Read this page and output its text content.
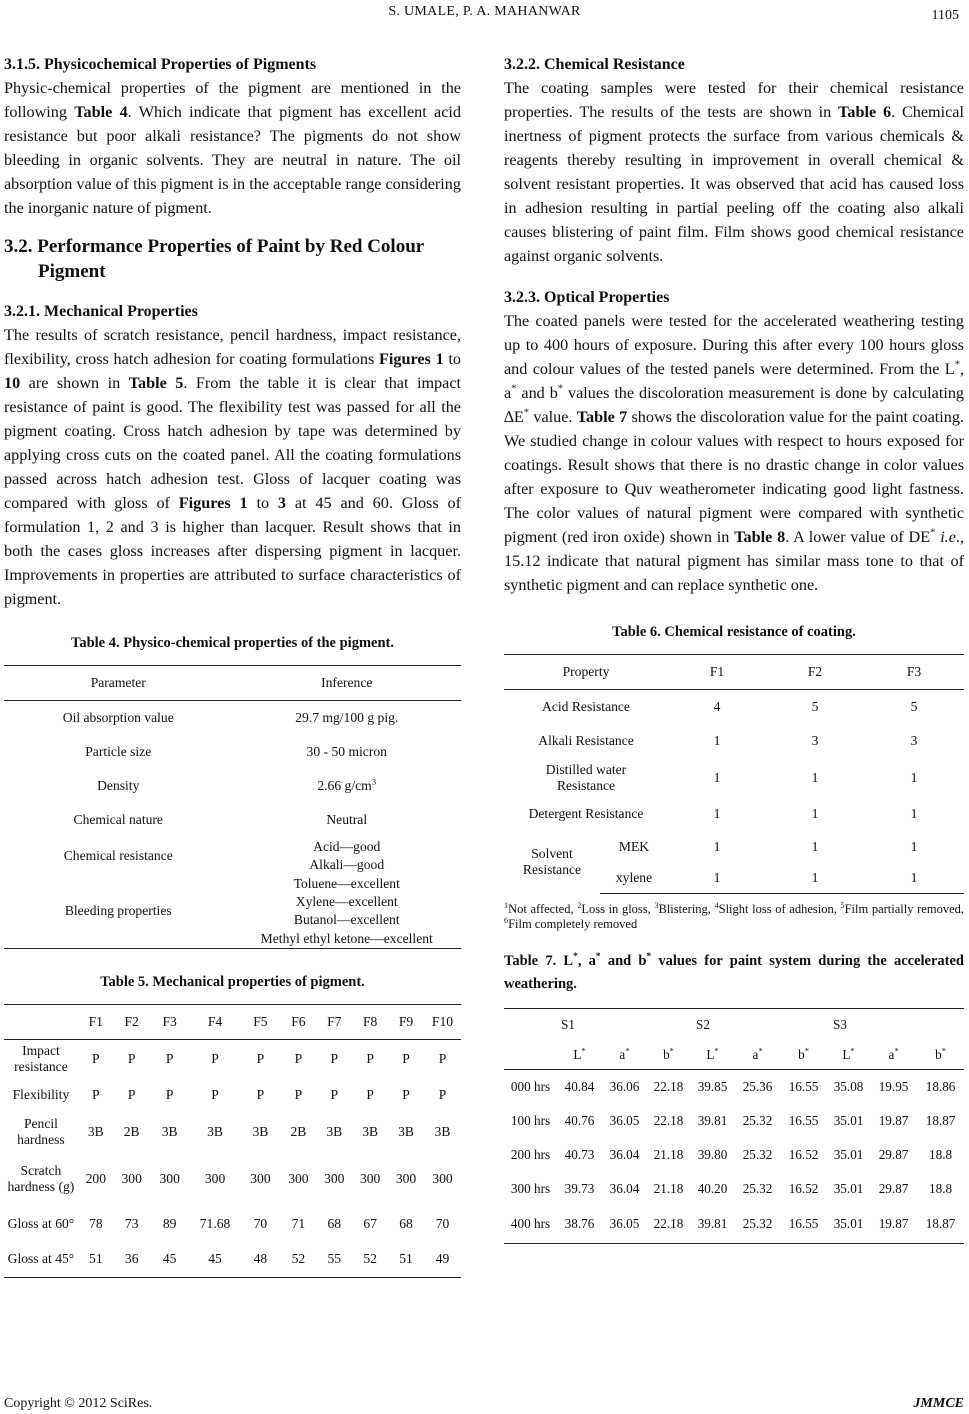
S. UMALE, P. A. MAHANWAR	1105
3.1.5. Physicochemical Properties of Pigments

Physic-chemical properties of the pigment are mentioned in the following Table 4. Which indicate that pigment has excellent acid resistance but poor alkali resistance? The pigments do not show bleeding in organic solvents. They are neutral in nature. The oil absorption value of this pigment is in the acceptable range considering the inorganic nature of pigment.

3.2. Performance Properties of Paint by Red Colour Pigment
3.2.1. Mechanical Properties

The results of scratch resistance, pencil hardness, impact resistance, flexibility, cross hatch adhesion for coating formulations Figures 1 to 10 are shown in Table 5. From the table it is clear that impact resistance of paint is good. The flexibility test was passed for all the pigment coating. Cross hatch adhesion by tape was determined by applying cross cuts on the coated panel. All the coating formulations passed across hatch adhesion test. Gloss of lacquer coating was compared with gloss of Figures 1 to 3 at 45 and 60. Gloss of formulation 1, 2 and 3 is higher than lacquer. Result shows that in both the cases gloss increases after dispersing pigment in lacquer. Improvements in properties are attributed to surface characteristics of pigment.

Table 4. Physico-chemical properties of the pigment.
Parameter	Inference
Oil absorption value	29.7 mg/100 g pig.
Particle size	30 - 50 micron
Density	2.66 $g/cm^3$
Chemical nature	Neutral
Chemical resistance	Acid—good
Alkali—good

Bleeding properties	Toluene—excellent
Xylene—excellent
Butanol—excellent
Methyl ethyl ketone—excellent
Table 5. Mechanical properties of pigment.
	F1	F2	F3	F4	F5	F6	F7	F8	F9	F10
Impact resistance	P	P	P	P	P	P	P	P	P	P
Flexibility	P	P	P	P	P	P	P	P	P	P
Pencil hardness	3B	2B	3B	3B	3B	2B	3B	3B	3B	3B
Scratch hardness (g)	200	300	300	300	300	300	300	300	300	300
Gloss at 60°	78	73	89	71.68	70	71	68	67	68	70
Gloss at 45°	51	36	45	45	48	52	55	52	51	49
3.2.2. Chemical Resistance

The coating samples were tested for their chemical resistance properties. The results of the tests are shown in Table 6. Chemical inertness of pigment protects the surface from various chemicals & reagents thereby resulting in improvement in overall chemical & solvent resistant properties. It was observed that acid has caused loss in adhesion resulting in partial peeling off the coating also alkali causes blistering of paint film. Film shows good chemical resistance against organic solvents.

3.2.3. Optical Properties

The coated panels were tested for the accelerated weathering testing up to 400 hours of exposure. During this after every 100 hours gloss and colour values of the tested panels were determined. From the L*, a* and b* values the discoloration measurement is done by calculating ∆E* value. Table 7 shows the discoloration value for the paint coating. We studied change in colour values with respect to hours exposed for coatings. Result shows that there is no drastic change in color values after exposure to Quv weatherometer indicating good light fastness. The color values of natural pigment were compared with synthetic pigment (red iron oxide) shown in Table 8. A lower value of DE* i.e., 15.12 indicate that natural pigment has similar mass tone to that of synthetic pigment and can replace synthetic one.

Table 6. Chemical resistance of coating.
Property		F1	F2	F3
Acid Resistance		4	5	5
Alkali Resistance		1	3	3
Distilled water Resistance		1	1	1
Detergent Resistance		1	1	1
Solvent Resistance	MEK	1	1	1
	xylene	1	1	1
$^1$Not affected, $^2$Loss in gloss, $^3$Blistering, $^4$Slight loss of adhesion, $^5$Film partially removed, $^6$Film completely removed
Table 7. L*, a* and b* values for paint system during the accelerated weathering.
	S1			S2			S3		
	L*	a*	b*	L*	a*	b*	L*	a*	b*
000 hrs	40.84	36.06	22.18	39.85	25.36	16.55	35.08	19.95	18.86
100 hrs	40.76	36.05	22.18	39.81	25.32	16.55	35.01	19.87	18.87
200 hrs	40.73	36.04	21.18	39.80	25.32	16.52	35.01	29.87	18.8
300 hrs	39.73	36.04	21.18	40.20	25.32	16.52	35.01	29.87	18.8
400 hrs	38.76	36.05	22.18	39.81	25.32	16.55	35.01	19.87	18.87
Copyright © 2012 SciRes.	JMMCE
